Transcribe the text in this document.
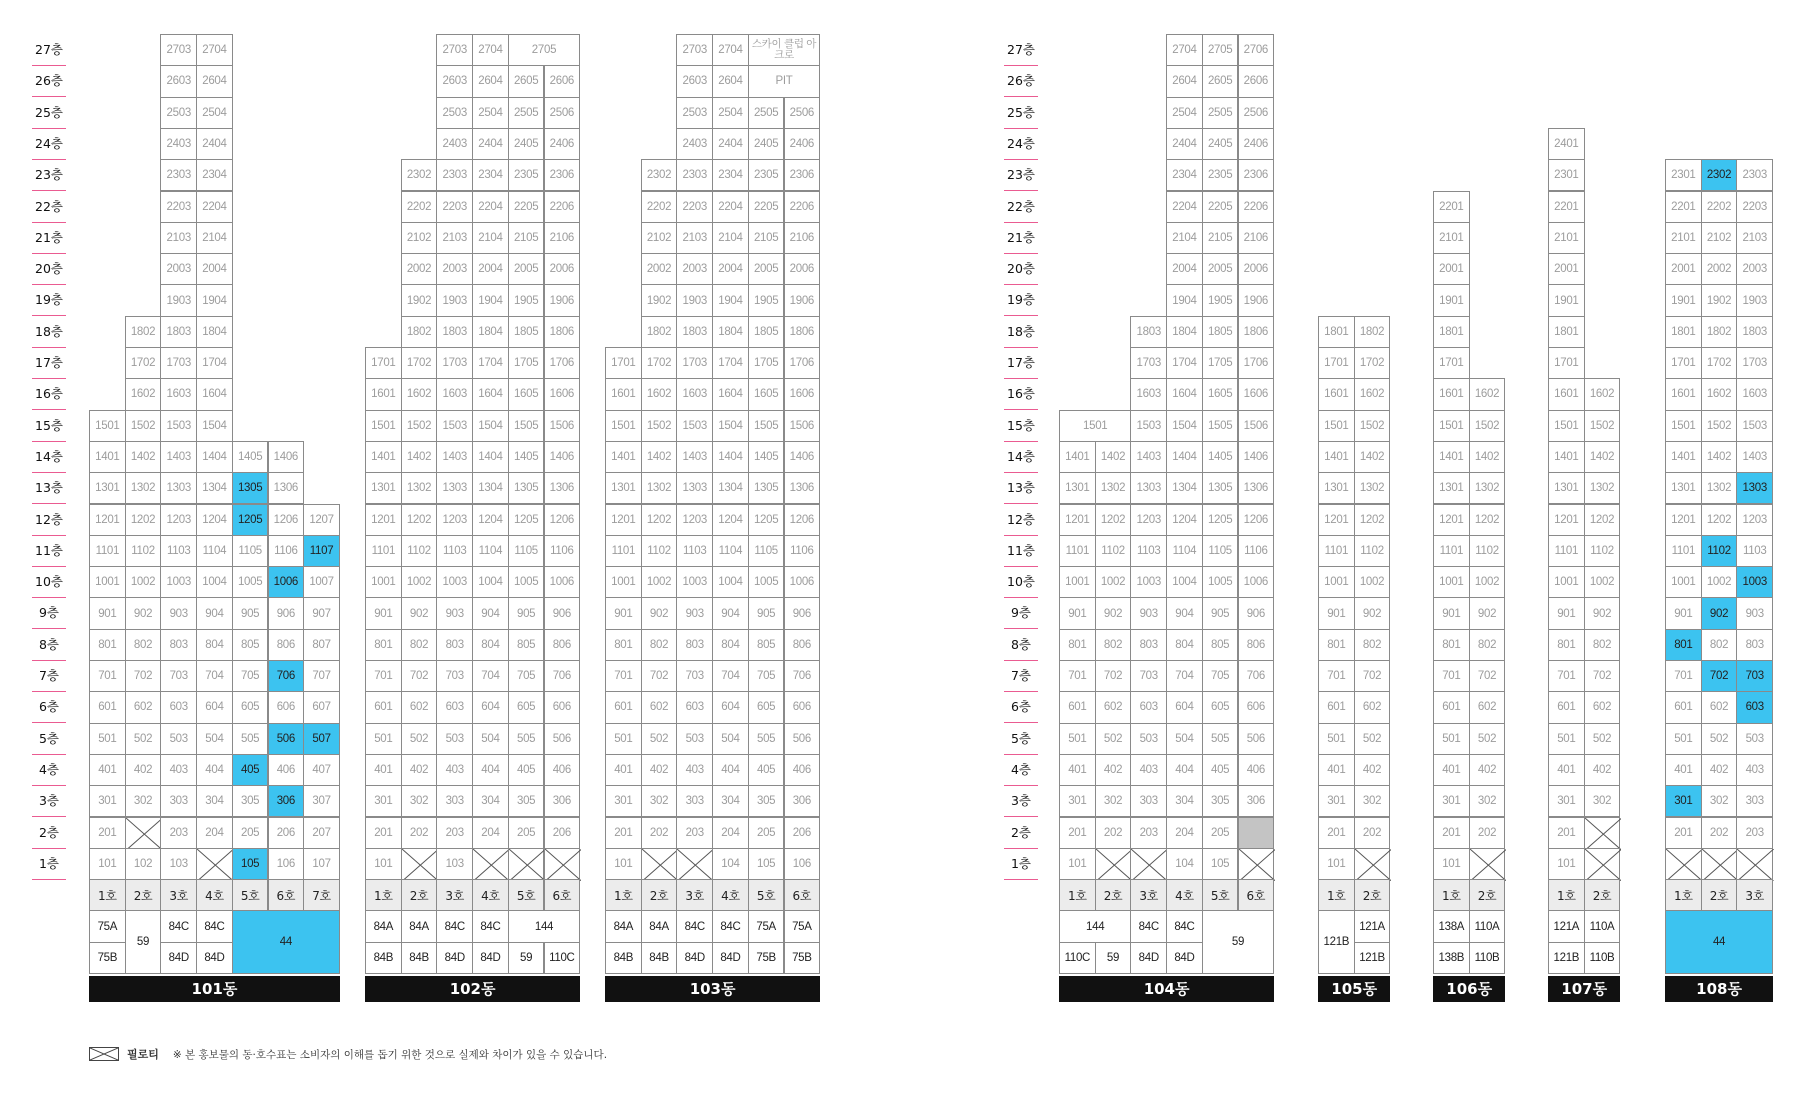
27층
26층
25층
24층
23층
22층
21층
20층
19층
18층
17층
16층
15층
14층
13층
12층
11층
10층
9층
8층
7층
6층
5층
4층
3층
2층
1층
27층
26층
25층
24층
23층
22층
21층
20층
19층
18층
17층
16층
15층
14층
13층
12층
11층
10층
9층
8층
7층
6층
5층
4층
3층
2층
1층
1501
1401
1301
1201
1101
1001
901
801
701
601
501
401
301
201
101
1호
1802
1702
1602
1502
1402
1302
1202
1102
1002
902
802
702
602
502
402
302
102
2호
2703
2603
2503
2403
2303
2203
2103
2003
1903
1803
1703
1603
1503
1403
1303
1203
1103
1003
903
803
703
603
503
403
303
203
103
3호
2704
2604
2504
2404
2304
2204
2104
2004
1904
1804
1704
1604
1504
1404
1304
1204
1104
1004
904
804
704
604
504
404
304
204
4호
1405
1305
1205
1105
1005
905
805
705
605
505
405
305
205
105
5호
1406
1306
1206
1106
1006
906
806
706
606
506
406
306
206
106
6호
1207
1107
1007
907
807
707
607
507
407
307
207
107
7호
75A
75B
59
84C
84D
84C
84D
44
101동
1701
1601
1501
1401
1301
1201
1101
1001
901
801
701
601
501
401
301
201
101
1호
2302
2202
2102
2002
1902
1802
1702
1602
1502
1402
1302
1202
1102
1002
902
802
702
602
502
402
302
202
2호
2703
2603
2503
2403
2303
2203
2103
2003
1903
1803
1703
1603
1503
1403
1303
1203
1103
1003
903
803
703
603
503
403
303
203
103
3호
2704
2604
2504
2404
2304
2204
2104
2004
1904
1804
1704
1604
1504
1404
1304
1204
1104
1004
904
804
704
604
504
404
304
204
4호
2705
2605
2505
2405
2305
2205
2105
2005
1905
1805
1705
1605
1505
1405
1305
1205
1105
1005
905
805
705
605
505
405
305
205
5호
2606
2506
2406
2306
2206
2106
2006
1906
1806
1706
1606
1506
1406
1306
1206
1106
1006
906
806
706
606
506
406
306
206
6호
84A
84B
84A
84B
84C
84D
84C
84D
144
59	110C
102동
1701
1601
1501
1401
1301
1201
1101
1001
901
801
701
601
501
401
301
201
101
1호
2302
2202
2102
2002
1902
1802
1702
1602
1502
1402
1302
1202
1102
1002
902
802
702
602
502
402
302
202
2호
2703
2603
2503
2403
2303
2203
2103
2003
1903
1803
1703
1603
1503
1403
1303
1203
1103
1003
903
803
703
603
503
403
303
203
3호
2704
2604
2504
2404
2304
2204
2104
2004
1904
1804
1704
1604
1504
1404
1304
1204
1104
1004
904
804
704
604
504
404
304
204
104
4호
스카이 클럽 아크로
PIT
2505
2405
2305
2205
2105
2005
1905
1805
1705
1605
1505
1405
1305
1205
1105
1005
905
805
705
605
505
405
305
205
105
5호
2506
2406
2306
2206
2106
2006
1906
1806
1706
1606
1506
1406
1306
1206
1106
1006
906
806
706
606
506
406
306
206
106
6호
84A
84B
84A
84B
84C
84D
84C
84D
75A
75B
75A
75B
103동
1501
1401
1301
1201
1101
1001
901
801
701
601
501
401
301
201
101
1호
1402
1302
1202
1102
1002
902
802
702
602
502
402
302
202
2호
1803
1703
1603
1503
1403
1303
1203
1103
1003
903
803
703
603
503
403
303
203
3호
2704
2604
2504
2404
2304
2204
2104
2004
1904
1804
1704
1604
1504
1404
1304
1204
1104
1004
904
804
704
604
504
404
304
204
104
4호
2705
2605
2505
2405
2305
2205
2105
2005
1905
1805
1705
1605
1505
1405
1305
1205
1105
1005
905
805
705
605
505
405
305
205
105
5호
2706
2606
2506
2406
2306
2206
2106
2006
1906
1806
1706
1606
1506
1406
1306
1206
1106
1006
906
806
706
606
506
406
306
6호
144
110C	59
84C
84D
84C
84D
59
104동
1801
1701
1601
1501
1401
1301
1201
1101
1001
901
801
701
601
501
401
301
201
101
1호
1802
1702
1602
1502
1402
1302
1202
1102
1002
902
802
702
602
502
402
302
202
2호
121B
121A
121B
105동
2201
2101
2001
1901
1801
1701
1601
1501
1401
1301
1201
1101
1001
901
801
701
601
501
401
301
201
101
1호
1602
1502
1402
1302
1202
1102
1002
902
802
702
602
502
402
302
202
2호
138A
138B
110A
110B
106동
2401
2301
2201
2101
2001
1901
1801
1701
1601
1501
1401
1301
1201
1101
1001
901
801
701
601
501
401
301
201
101
1호
1602
1502
1402
1302
1202
1102
1002
902
802
702
602
502
402
302
2호
121A
121B
110A
110B
107동
2301
2201
2101
2001
1901
1801
1701
1601
1501
1401
1301
1201
1101
1001
901
801
701
601
501
401
301
201
1호
2302
2202
2102
2002
1902
1802
1702
1602
1502
1402
1302
1202
1102
1002
902
802
702
602
502
402
302
202
2호
2303
2203
2103
2003
1903
1803
1703
1603
1503
1403
1303
1203
1103
1003
903
803
703
603
503
403
303
203
3호
44
108동
필로티 ※ 본 홍보물의 동·호수표는 소비자의 이해를 돕기 위한 것으로 실제와 차이가 있을 수 있습니다.
